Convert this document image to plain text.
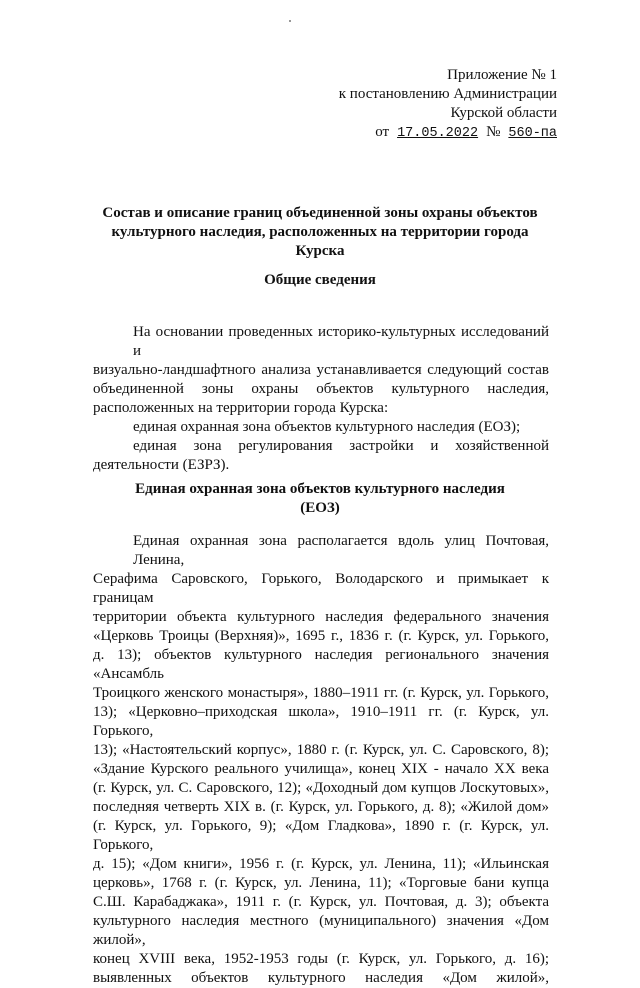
Приложение № 1
к постановлению Администрации
Курской области
от 17.05.2022 № 560-па
Состав и описание границ объединенной зоны охраны объектов
культурного наследия, расположенных на территории города Курска
Общие сведения
На основании проведенных историко-культурных исследований и
визуально-ландшафтного анализа устанавливается следующий состав
объединенной зоны охраны объектов культурного наследия,
расположенных на территории города Курска:
единая охранная зона объектов культурного наследия (ЕОЗ);
единая зона регулирования застройки и хозяйственной
деятельности (ЕЗРЗ).
Единая охранная зона объектов культурного наследия
(ЕОЗ)
Единая охранная зона располагается вдоль улиц Почтовая, Ленина,
Серафима Саровского, Горького, Володарского и примыкает к границам
территории объекта культурного наследия федерального значения
«Церковь Троицы (Верхняя)», 1695 г., 1836 г. (г. Курск, ул. Горького,
д. 13); объектов культурного наследия регионального значения «Ансамбль
Троицкого женского монастыря», 1880–1911 гг. (г. Курск, ул. Горького,
13); «Церковно–приходская школа», 1910–1911 гг. (г. Курск, ул. Горького,
13); «Настоятельский корпус», 1880 г. (г. Курск, ул. С. Саровского, 8);
«Здание Курского реального училища», конец XIX - начало XX века
(г. Курск, ул. С. Саровского, 12); «Доходный дом купцов Лоскутовых»,
последняя четверть XIX в. (г. Курск, ул. Горького, д. 8); «Жилой дом»
(г. Курск, ул. Горького, 9); «Дом Гладкова», 1890 г. (г. Курск, ул. Горького,
д. 15); «Дом книги», 1956 г. (г. Курск, ул. Ленина, 11); «Ильинская
церковь», 1768 г. (г. Курск, ул. Ленина, 11); «Торговые бани купца
С.Ш. Карабаджака», 1911 г. (г. Курск, ул. Почтовая, д. 3); объекта
культурного наследия местного (муниципального) значения «Дом жилой»,
конец XVIII века, 1952-1953 годы (г. Курск, ул. Горького, д. 16);
выявленных объектов культурного наследия «Дом жилой»,
